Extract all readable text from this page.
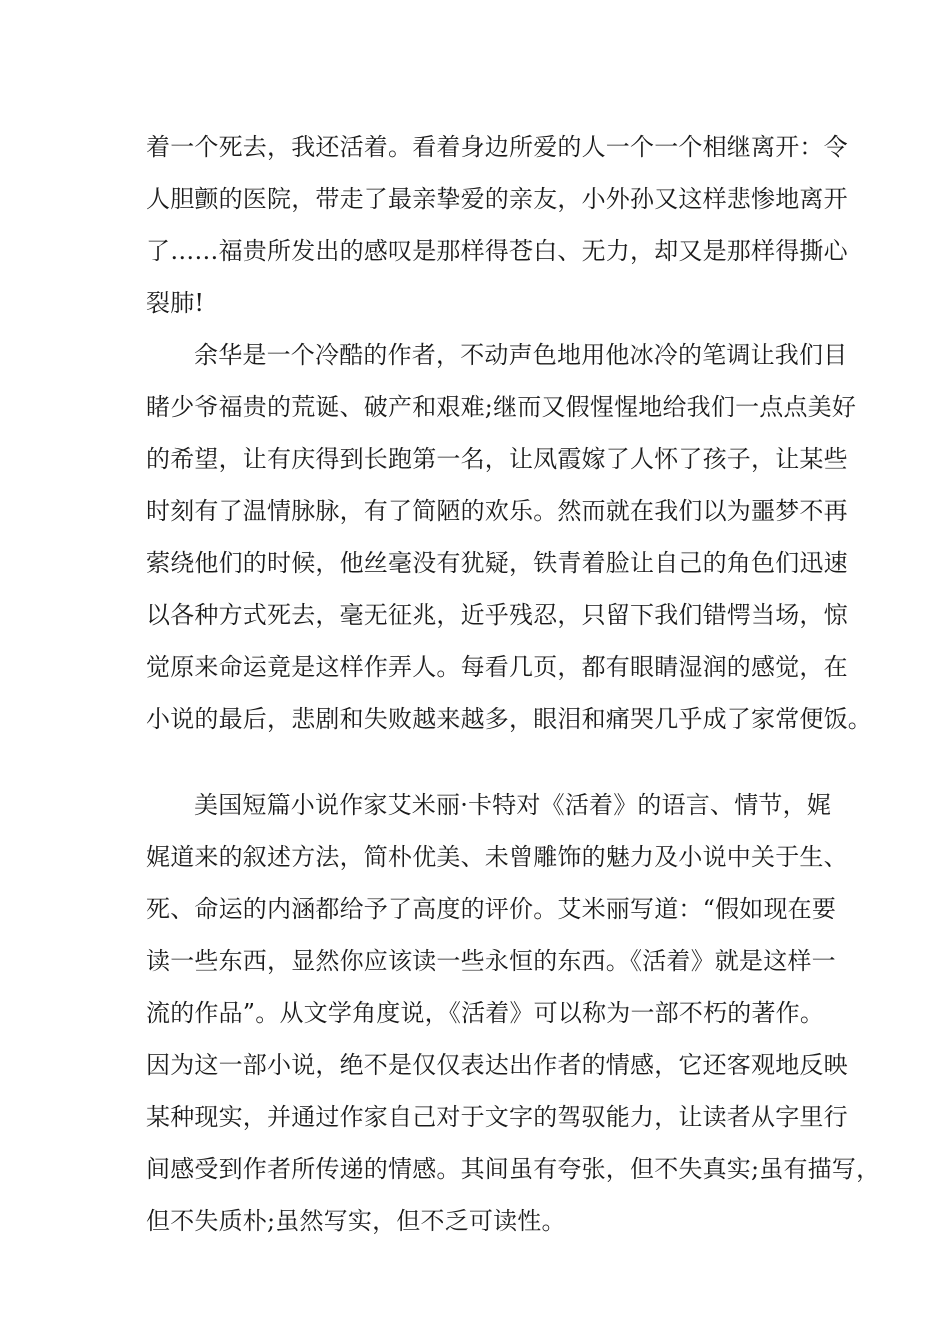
着一个死去，我还活着。看着身边所爱的人一个一个相继离开：令
人胆颤的医院，带走了最亲挚爱的亲友，小外孙又这样悲惨地离开
了……福贵所发出的感叹是那样得苍白、无力，却又是那样得撕心
裂肺!
余华是一个冷酷的作者，不动声色地用他冰冷的笔调让我们目
睹少爷福贵的荒诞、破产和艰难;继而又假惺惺地给我们一点点美好
的希望，让有庆得到长跑第一名，让凤霞嫁了人怀了孩子，让某些
时刻有了温情脉脉，有了简陋的欢乐。然而就在我们以为噩梦不再
萦绕他们的时候，他丝毫没有犹疑，铁青着脸让自己的角色们迅速
以各种方式死去，毫无征兆，近乎残忍，只留下我们错愕当场，惊
觉原来命运竟是这样作弄人。每看几页，都有眼睛湿润的感觉，在
小说的最后，悲剧和失败越来越多，眼泪和痛哭几乎成了家常便饭。
美国短篇小说作家艾米丽·卡特对《活着》的语言、情节，娓
娓道来的叙述方法，简朴优美、未曾雕饰的魅力及小说中关于生、
死、命运的内涵都给予了高度的评价。艾米丽写道：“假如现在要
读一些东西，显然你应该读一些永恒的东西。《活着》就是这样一
流的作品”。从文学角度说，《活着》可以称为一部不朽的著作。
因为这一部小说，绝不是仅仅表达出作者的情感，它还客观地反映
某种现实，并通过作家自己对于文字的驾驭能力，让读者从字里行
间感受到作者所传递的情感。其间虽有夸张，但不失真实;虽有描写，
但不失质朴;虽然写实，但不乏可读性。
